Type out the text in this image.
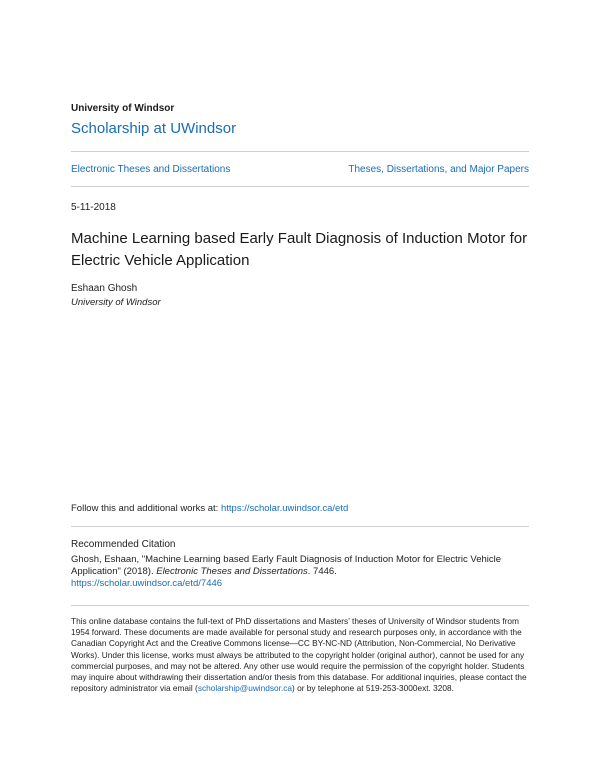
University of Windsor
Scholarship at UWindsor
Electronic Theses and Dissertations	Theses, Dissertations, and Major Papers
5-11-2018
Machine Learning based Early Fault Diagnosis of Induction Motor for Electric Vehicle Application
Eshaan Ghosh
University of Windsor
Follow this and additional works at: https://scholar.uwindsor.ca/etd
Recommended Citation
Ghosh, Eshaan, "Machine Learning based Early Fault Diagnosis of Induction Motor for Electric Vehicle Application" (2018). Electronic Theses and Dissertations. 7446.
https://scholar.uwindsor.ca/etd/7446
This online database contains the full-text of PhD dissertations and Masters’ theses of University of Windsor students from 1954 forward. These documents are made available for personal study and research purposes only, in accordance with the Canadian Copyright Act and the Creative Commons license—CC BY-NC-ND (Attribution, Non-Commercial, No Derivative Works). Under this license, works must always be attributed to the copyright holder (original author), cannot be used for any commercial purposes, and may not be altered. Any other use would require the permission of the copyright holder. Students may inquire about withdrawing their dissertation and/or thesis from this database. For additional inquiries, please contact the repository administrator via email (scholarship@uwindsor.ca) or by telephone at 519-253-3000ext. 3208.
